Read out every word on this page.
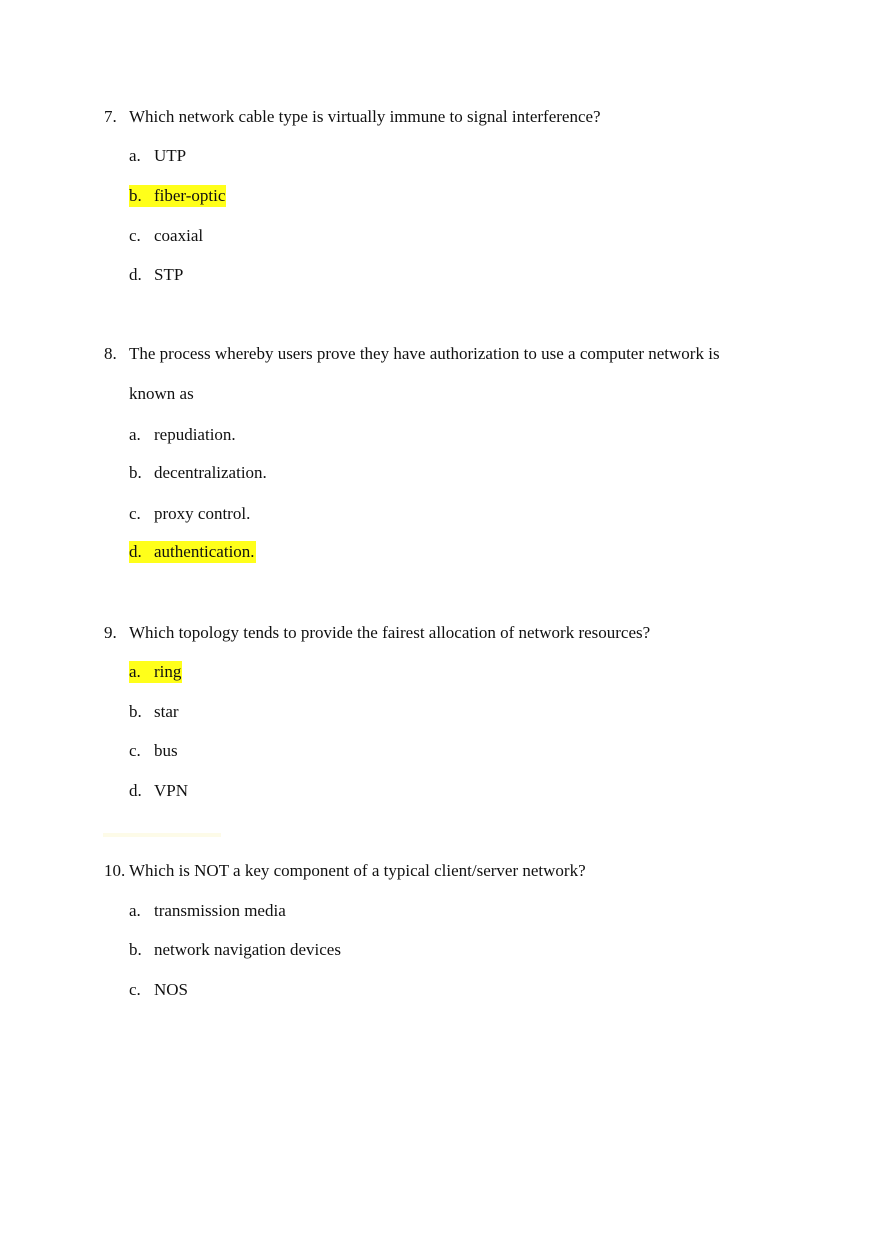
7. Which network cable type is virtually immune to signal interference?
a. UTP
b. fiber-optic
c. coaxial
d. STP
8. The process whereby users prove they have authorization to use a computer network is
known as
a. repudiation.
b. decentralization.
c. proxy control.
d. authentication.
9. Which topology tends to provide the fairest allocation of network resources?
a. ring
b. star
c. bus
d. VPN
10. Which is NOT a key component of a typical client/server network?
a. transmission media
b. network navigation devices
c. NOS
